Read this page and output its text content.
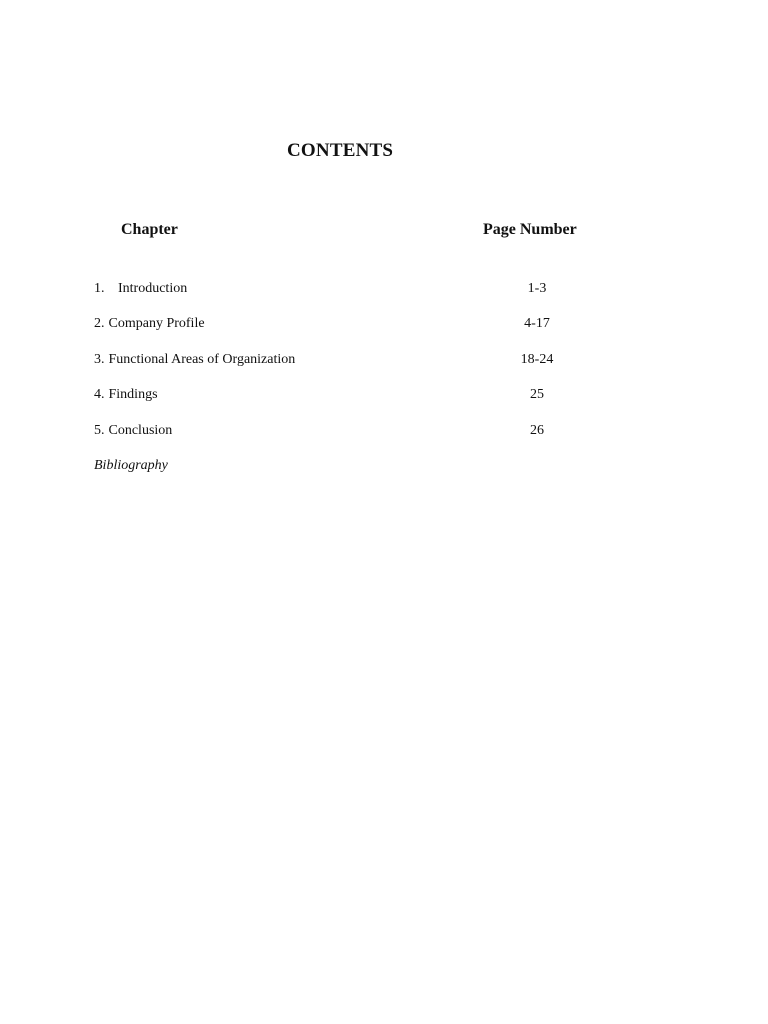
CONTENTS
Chapter	Page Number
1. Introduction	1-3
2. Company Profile	4-17
3. Functional Areas of Organization	18-24
4. Findings	25
5. Conclusion	26
Bibliography
